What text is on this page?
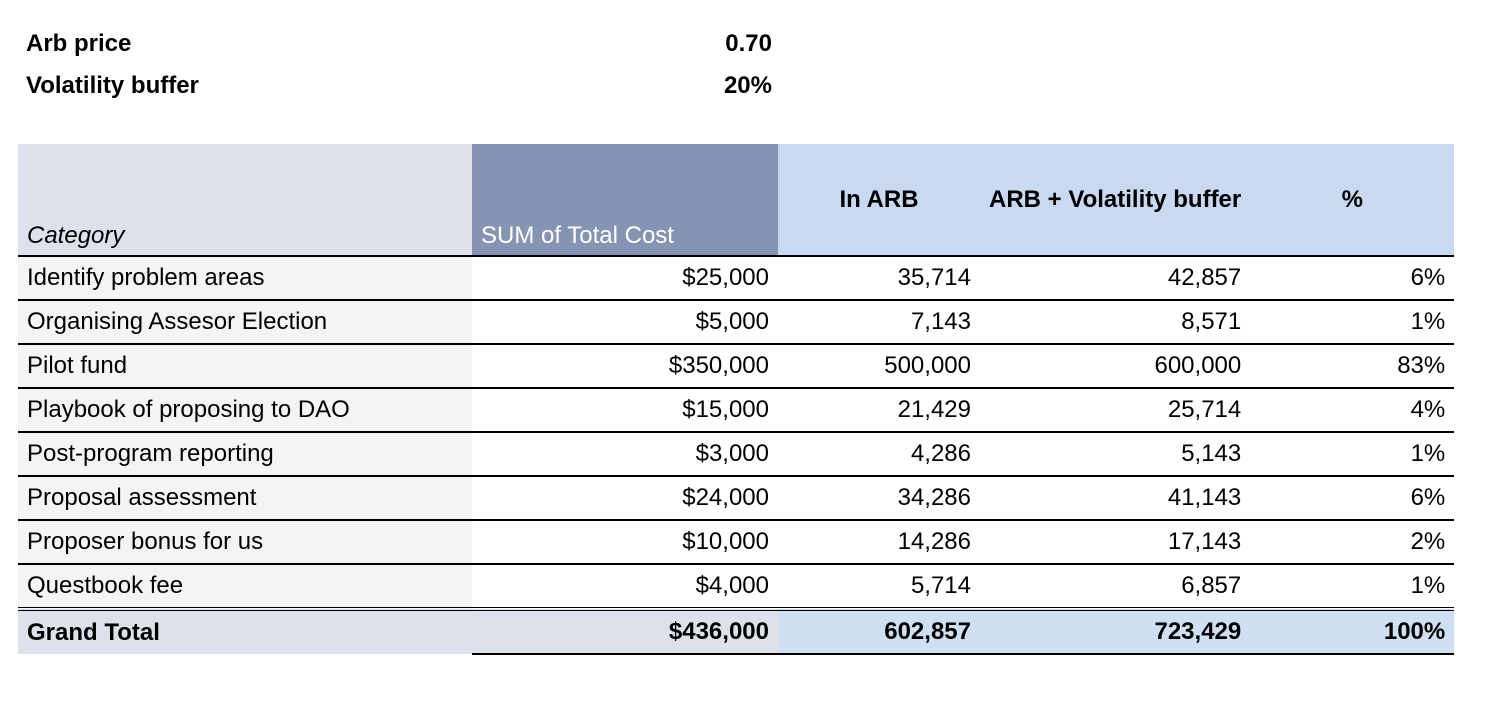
Arb price	0.70
Volatility buffer	20%
Category	SUM of Total Cost	In ARB	ARB + Volatility buffer	%
Identify problem areas	$25,000	35,714	42,857	6%
Organising Assesor Election	$5,000	7,143	8,571	1%
Pilot fund	$350,000	500,000	600,000	83%
Playbook of proposing to DAO	$15,000	21,429	25,714	4%
Post-program reporting	$3,000	4,286	5,143	1%
Proposal assessment	$24,000	34,286	41,143	6%
Proposer bonus for us	$10,000	14,286	17,143	2%
Questbook fee	$4,000	5,714	6,857	1%
Grand Total	$436,000	602,857	723,429	100%
